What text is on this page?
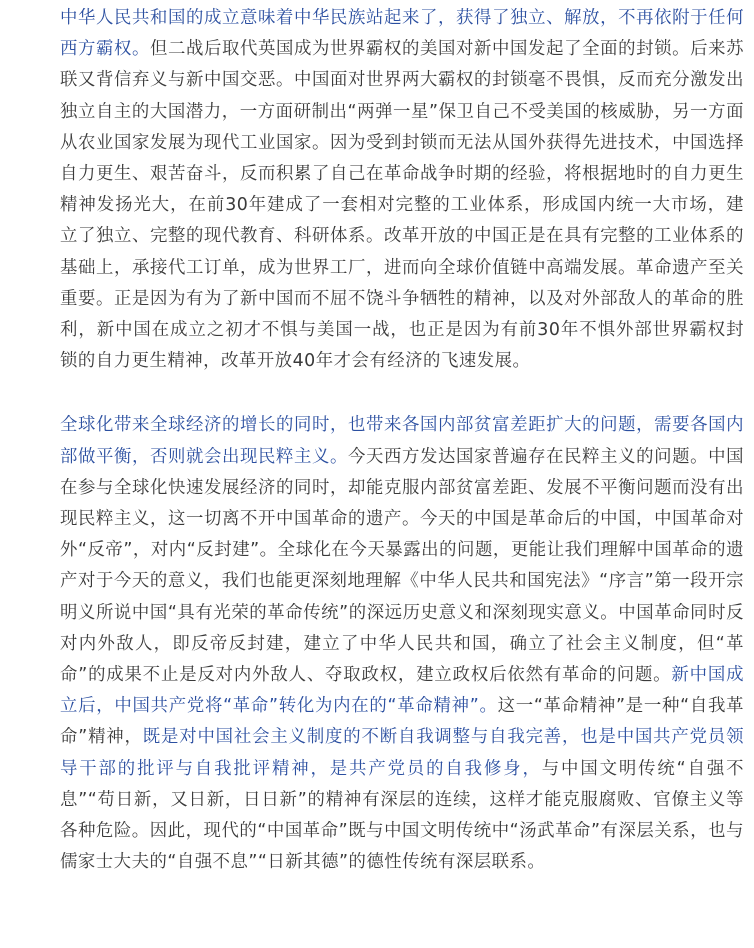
中华人民共和国的成立意味着中华民族站起来了，获得了独立、解放，不再依附于任何西方霸权。但二战后取代英国成为世界霸权的美国对新中国发起了全面的封锁。后来苏联又背信弃义与新中国交恶。中国面对世界两大霸权的封锁毫不畏惧，反而充分激发出独立自主的大国潜力，一方面研制出“两弹一星”保卫自己不受美国的核威胁，另一方面从农业国家发展为现代工业国家。因为受到封锁而无法从国外获得先进技术，中国选择自力更生、艰苦奋斗，反而积累了自己在革命战争时期的经验，将根据地时的自力更生精神发扬光大，在前30年建成了一套相对完整的工业体系，形成国内统一大市场，建立了独立、完整的现代教育、科研体系。改革开放的中国正是在具有完整的工业体系的基础上，承接代工订单，成为世界工厂，进而向全球价值链中高端发展。革命遗产至关重要。正是因为有为了新中国而不屈不饶斗争牺牲的精神，以及对外部敌人的革命的胜利，新中国在成立之初才不惧与美国一战，也正是因为有前30年不惧外部世界霸权封锁的自力更生精神，改革开放40年才会有经济的飞速发展。

全球化带来全球经济的增长的同时，也带来各国内部贫富差距扩大的问题，需要各国内部做平衡，否则就会出现民粹主义。今天西方发达国家普遍存在民粹主义的问题。中国在参与全球化快速发展经济的同时，却能克服内部贫富差距、发展不平衡问题而没有出现民粹主义，这一切离不开中国革命的遗产。今天的中国是革命后的中国，中国革命对外“反帝”，对内“反封建”。全球化在今天暴露出的问题，更能让我们理解中国革命的遗产对于今天的意义，我们也能更深刻地理解《中华人民共和国宪法》“序言”第一段开宗明义所说中国“具有光荣的革命传统”的深远历史意义和深刻现实意义。中国革命同时反对内外敌人，即反帝反封建，建立了中华人民共和国，确立了社会主义制度，但“革命”的成果不止是反对内外敌人、夺取政权，建立政权后依然有革命的问题。新中国成立后，中国共产党将“革命”转化为内在的“革命精神”。这一“革命精神”是一种“自我革命”精神，既是对中国社会主义制度的不断自我调整与自我完善，也是中国共产党员领导干部的批评与自我批评精神，是共产党员的自我修身，与中国文明传统“自强不息”“苟日新，又日新，日日新”的精神有深层的连续，这样才能克服腐败、官僚主义等各种危险。因此，现代的“中国革命”既与中国文明传统中“汤武革命”有深层关系，也与儒家士大夫的“自强不息”“日新其德”的德性传统有深层联系。
